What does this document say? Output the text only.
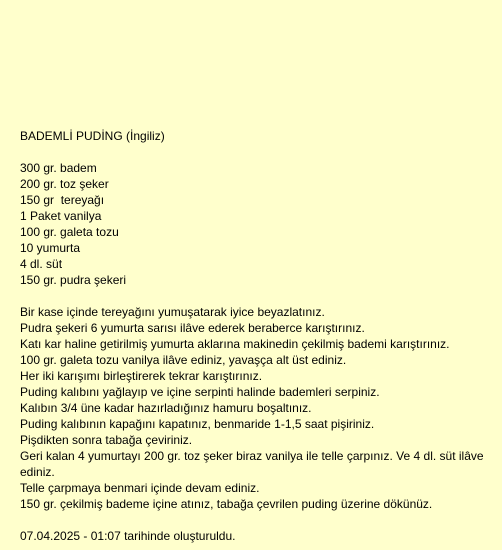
BADEMLİ PUDİNG (İngiliz)
300 gr. badem
200 gr. toz şeker
150 gr  tereyağı
1 Paket vanilya
100 gr. galeta tozu
10 yumurta
4 dl. süt
150 gr. pudra şekeri
Bir kase içinde tereyağını yumuşatarak iyice beyazlatınız.
Pudra şekeri 6 yumurta sarısı ilâve ederek beraberce karıştırınız.
Katı kar haline getirilmiş yumurta aklarına makinedin çekilmiş bademi karıştırınız.
100 gr. galeta tozu vanilya ilâve ediniz, yavaşça alt üst ediniz.
Her iki karışımı birleştirerek tekrar karıştırınız.
Puding kalıbını yağlayıp ve içine serpinti halinde bademleri serpiniz.
Kalıbın 3/4 üne kadar hazırladığınız hamuru boşaltınız.
Puding kalıbının kapağını kapatınız, benmaride 1-1,5 saat pişiriniz.
Pişdikten sonra tabağa çeviriniz.
Geri kalan 4 yumurtayı 200 gr. toz şeker biraz vanilya ile telle çarpınız. Ve 4 dl. süt ilâve ediniz.
Telle çarpmaya benmari içinde devam ediniz.
150 gr. çekilmiş bademe içine atınız, tabağa çevrilen puding üzerine dökünüz.
07.04.2025 - 01:07 tarihinde oluşturuldu.
